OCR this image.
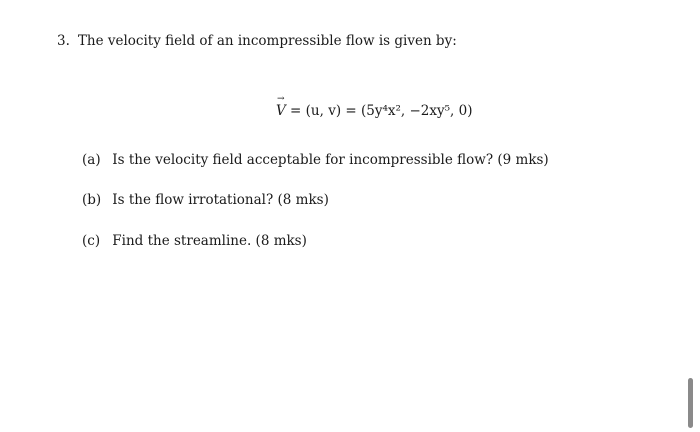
3. The velocity field of an incompressible flow is given by:
V
→
= (u, v) = (5y⁴x², −2xy⁵, 0)
(a) Is the velocity field acceptable for incompressible flow? (9 mks)
(b) Is the flow irrotational? (8 mks)
(c) Find the streamline. (8 mks)
